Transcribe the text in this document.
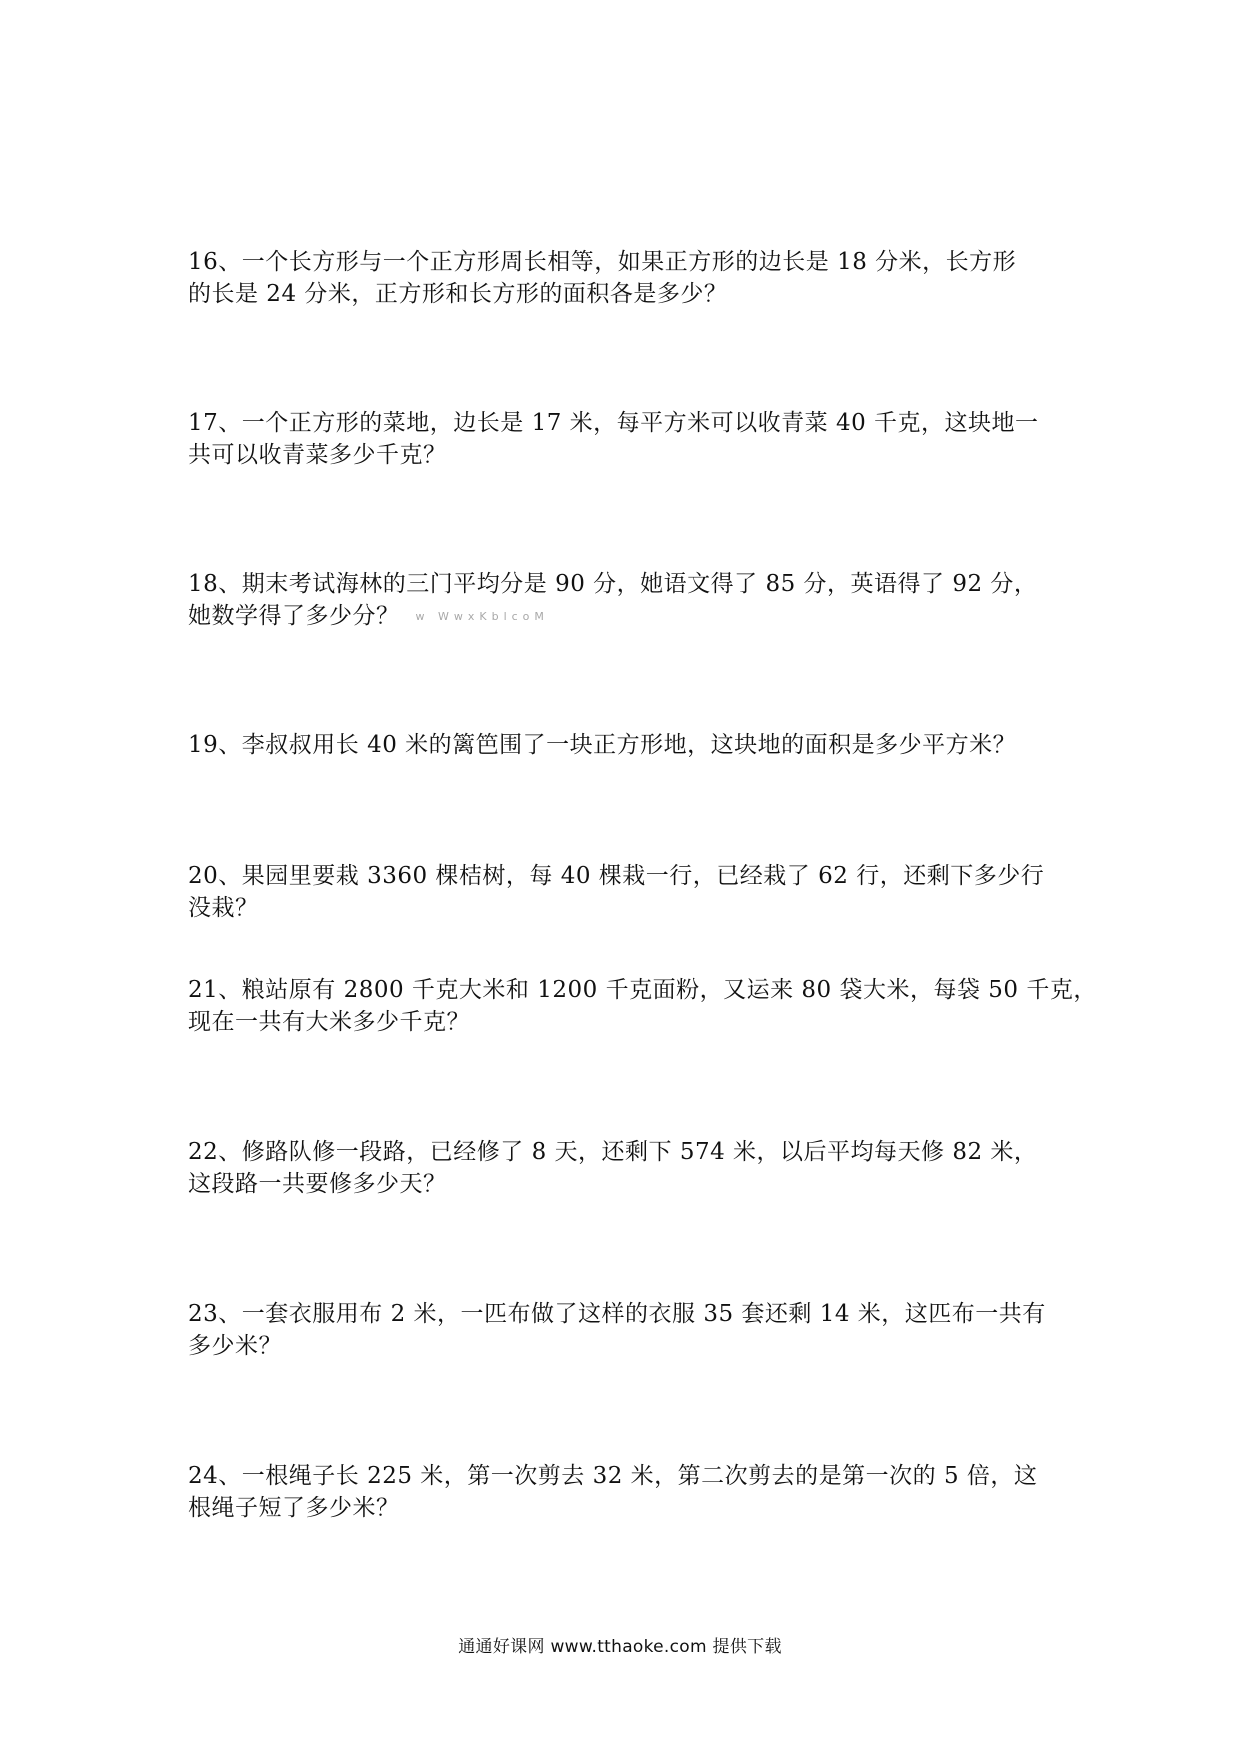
16、一个长方形与一个正方形周长相等，如果正方形的边长是 18 分米，长方形
的长是 24 分米，正方形和长方形的面积各是多少？
17、一个正方形的菜地，边长是 17 米，每平方米可以收青菜 40 千克，这块地一
共可以收青菜多少千克？
18、期末考试海林的三门平均分是 90 分，她语文得了 85 分，英语得了 92 分，
她数学得了多少分？ w WwxKblcoM
19、李叔叔用长 40 米的篱笆围了一块正方形地，这块地的面积是多少平方米？
20、果园里要栽 3360 棵桔树，每 40 棵栽一行，已经栽了 62 行，还剩下多少行
没栽？
21、粮站原有 2800 千克大米和 1200 千克面粉，又运来 80 袋大米，每袋 50 千克，
现在一共有大米多少千克？
22、修路队修一段路，已经修了 8 天，还剩下 574 米，以后平均每天修 82 米，
这段路一共要修多少天？
23、一套衣服用布 2 米，一匹布做了这样的衣服 35 套还剩 14 米，这匹布一共有
多少米？
24、一根绳子长 225 米，第一次剪去 32 米，第二次剪去的是第一次的 5 倍，这
根绳子短了多少米？
通通好课网 www.tthaoke.com 提供下载
